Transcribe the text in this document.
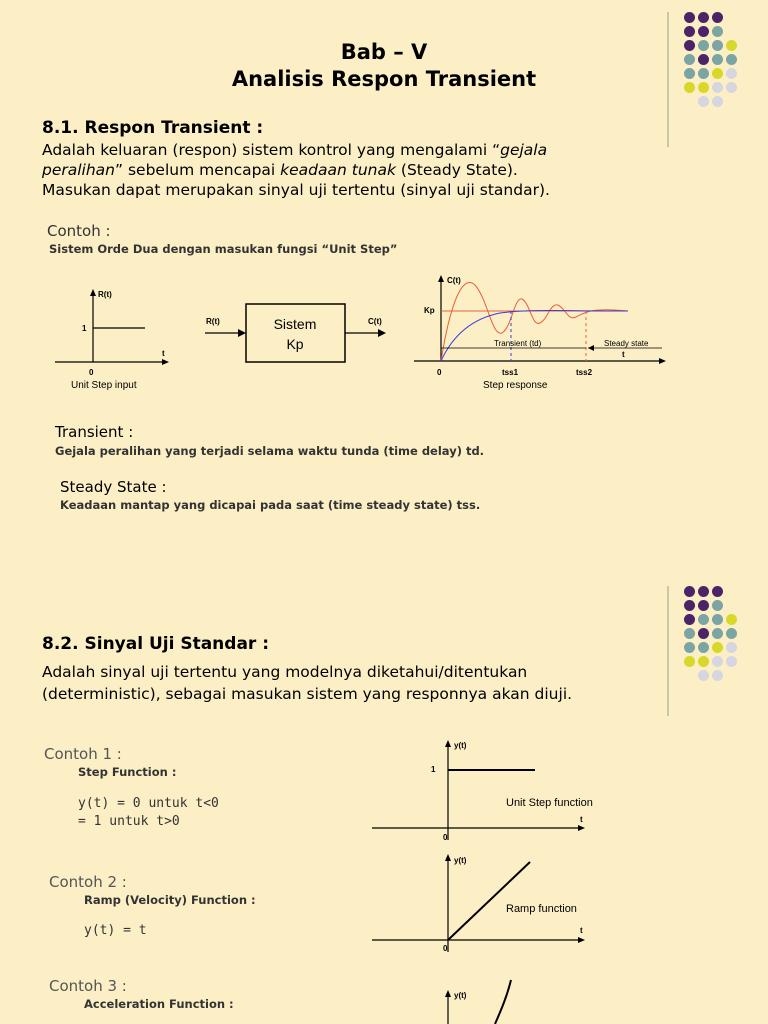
Bab – V
Analisis Respon Transient
8.1. Respon Transient :
Adalah keluaran (respon) sistem kontrol yang mengalami “gejala
peralihan” sebelum mencapai keadaan tunak (Steady State).
Masukan dapat merupakan sinyal uji tertentu (sinyal uji standar).
Contoh :
Sistem Orde Dua dengan masukan fungsi “Unit Step”
R(t)
1
t
0
Unit Step input
R(t)	C(t)
Sistem
Kp
C(t)
Kp
t
0
Transient (td)	Steady state
tss1	tss2
Step response
Transient :
Gejala peralihan yang terjadi selama waktu tunda (time delay) td.
Steady State :
Keadaan mantap yang dicapai pada saat (time steady state) tss.
8.2. Sinyal Uji Standar :
Adalah sinyal uji tertentu yang modelnya diketahui/ditentukan
(deterministic), sebagai masukan sistem yang responnya akan diuji.
Contoh 1 :
Step Function :
y(t) = 0 untuk t<0
= 1 untuk t>0
Contoh 2 :
Ramp (Velocity) Function :
y(t) = t
Contoh 3 :
Acceleration Function :
y(t)
1
t
0
Unit Step function
y(t)
t
0
Ramp function
y(t)
